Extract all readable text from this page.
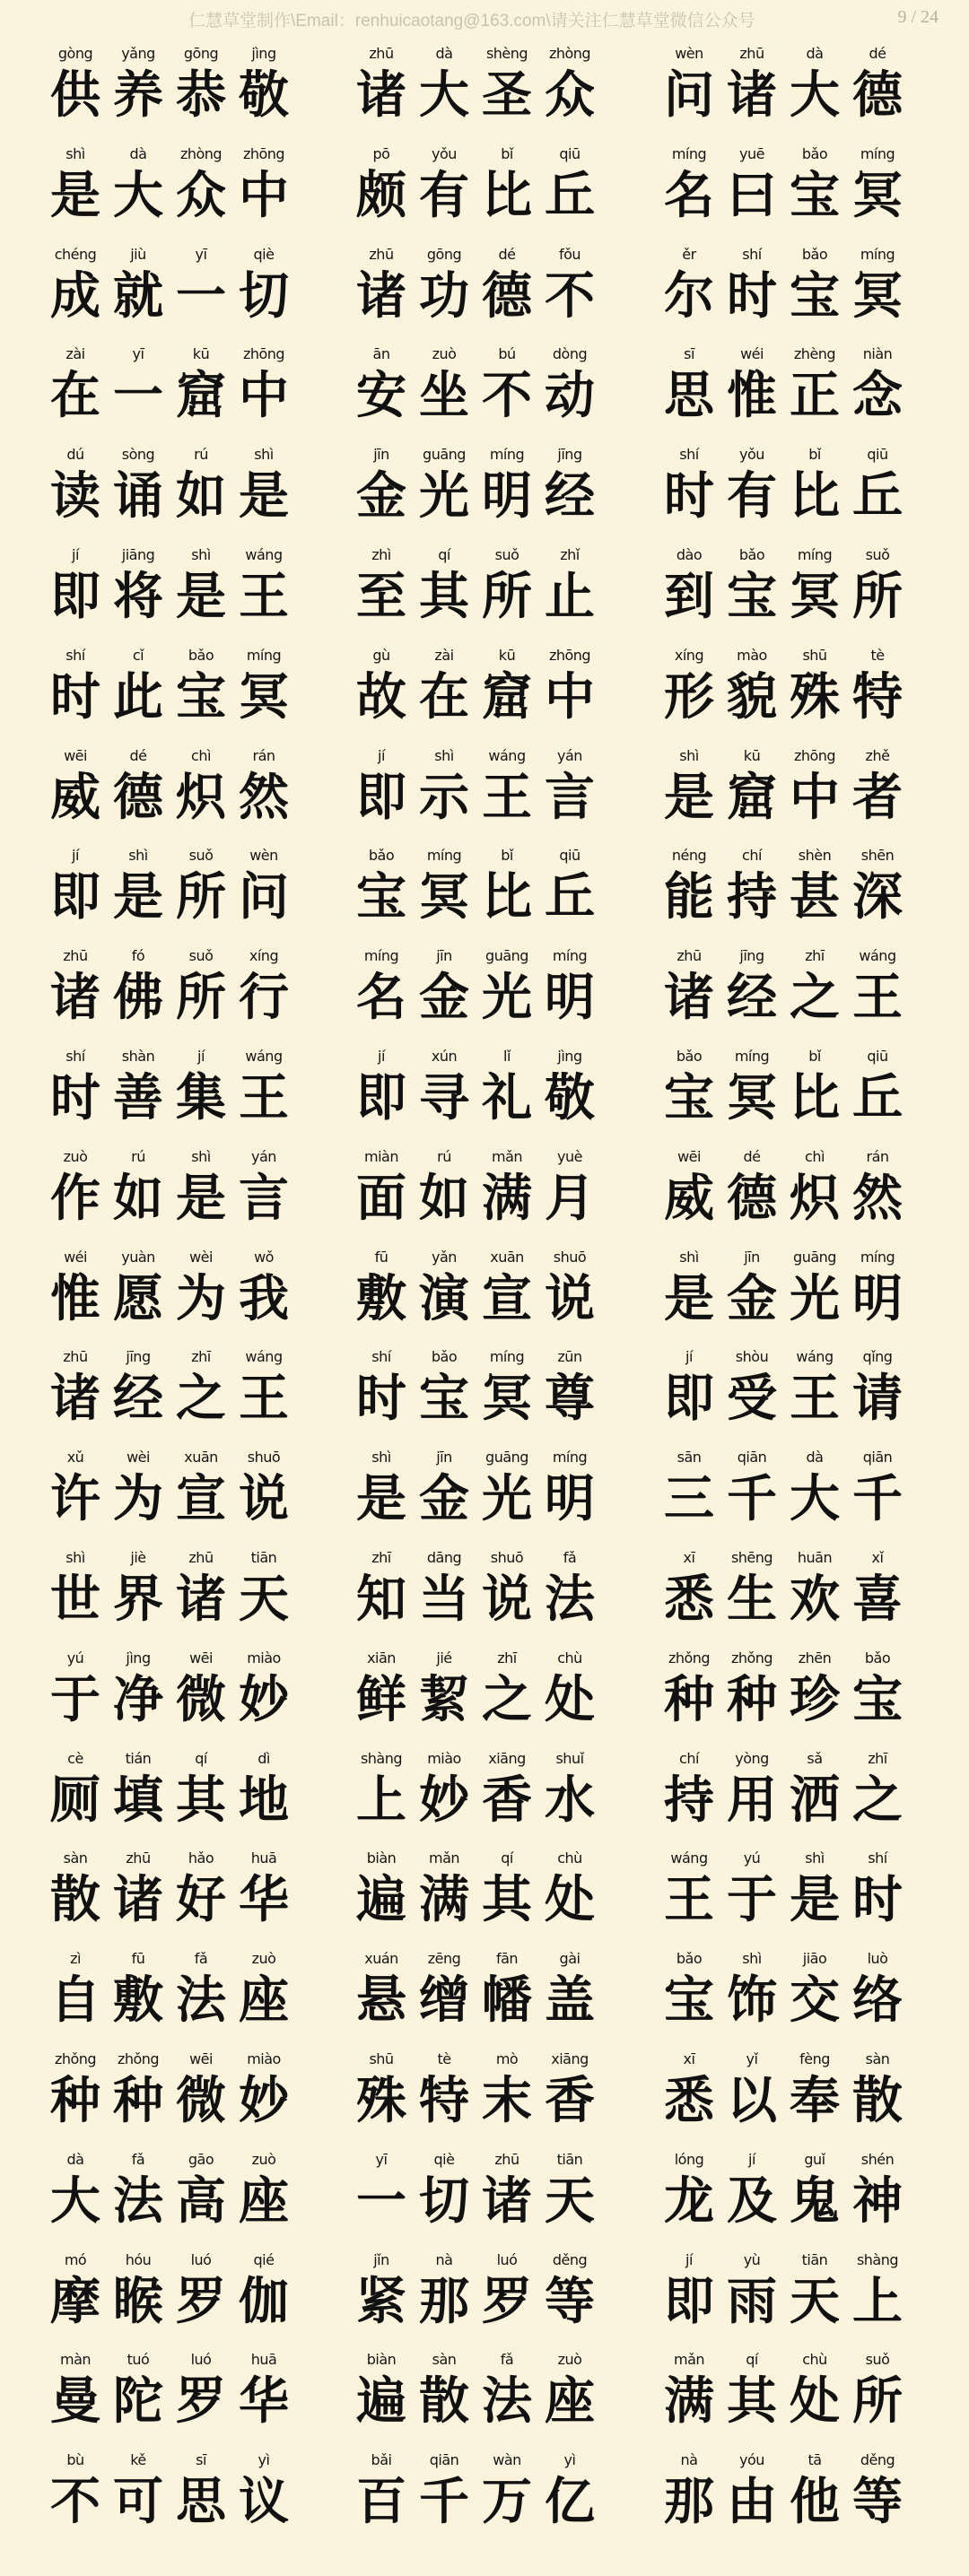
仁慧草堂制作\Email：renhuicaotang@163.com\请关注仁慧草堂微信公众号	9 / 24
gòng
供
yǎng
养
gōng
恭
jìng
敬
zhū
诸
dà
大
shèng
圣
zhòng
众
wèn
问
zhū
诸
dà
大
dé
德
shì
是
dà
大
zhòng
众
zhōng
中
pō
颇
yǒu
有
bǐ
比
qiū
丘
míng
名
yuē
曰
bǎo
宝
míng
冥
chéng
成
jiù
就
yī
一
qiè
切
zhū
诸
gōng
功
dé
德
fǒu
不
ěr
尔
shí
时
bǎo
宝
míng
冥
zài
在
yī
一
kū
窟
zhōng
中
ān
安
zuò
坐
bú
不
dòng
动
sī
思
wéi
惟
zhèng
正
niàn
念
dú
读
sòng
诵
rú
如
shì
是
jīn
金
guāng
光
míng
明
jīng
经
shí
时
yǒu
有
bǐ
比
qiū
丘
jí
即
jiāng
将
shì
是
wáng
王
zhì
至
qí
其
suǒ
所
zhǐ
止
dào
到
bǎo
宝
míng
冥
suǒ
所
shí
时
cǐ
此
bǎo
宝
míng
冥
gù
故
zài
在
kū
窟
zhōng
中
xíng
形
mào
貌
shū
殊
tè
特
wēi
威
dé
德
chì
炽
rán
然
jí
即
shì
示
wáng
王
yán
言
shì
是
kū
窟
zhōng
中
zhě
者
jí
即
shì
是
suǒ
所
wèn
问
bǎo
宝
míng
冥
bǐ
比
qiū
丘
néng
能
chí
持
shèn
甚
shēn
深
zhū
诸
fó
佛
suǒ
所
xíng
行
míng
名
jīn
金
guāng
光
míng
明
zhū
诸
jīng
经
zhī
之
wáng
王
shí
时
shàn
善
jí
集
wáng
王
jí
即
xún
寻
lǐ
礼
jìng
敬
bǎo
宝
míng
冥
bǐ
比
qiū
丘
zuò
作
rú
如
shì
是
yán
言
miàn
面
rú
如
mǎn
满
yuè
月
wēi
威
dé
德
chì
炽
rán
然
wéi
惟
yuàn
愿
wèi
为
wǒ
我
fū
敷
yǎn
演
xuān
宣
shuō
说
shì
是
jīn
金
guāng
光
míng
明
zhū
诸
jīng
经
zhī
之
wáng
王
shí
时
bǎo
宝
míng
冥
zūn
尊
jí
即
shòu
受
wáng
王
qǐng
请
xǔ
许
wèi
为
xuān
宣
shuō
说
shì
是
jīn
金
guāng
光
míng
明
sān
三
qiān
千
dà
大
qiān
千
shì
世
jiè
界
zhū
诸
tiān
天
zhī
知
dāng
当
shuō
说
fǎ
法
xī
悉
shēng
生
huān
欢
xǐ
喜
yú
于
jìng
净
wēi
微
miào
妙
xiān
鲜
jié
絜
zhī
之
chù
处
zhǒng
种
zhǒng
种
zhēn
珍
bǎo
宝
cè
厕
tián
填
qí
其
dì
地
shàng
上
miào
妙
xiāng
香
shuǐ
水
chí
持
yòng
用
sǎ
洒
zhī
之
sàn
散
zhū
诸
hǎo
好
huā
华
biàn
遍
mǎn
满
qí
其
chù
处
wáng
王
yú
于
shì
是
shí
时
zì
自
fū
敷
fǎ
法
zuò
座
xuán
悬
zēng
缯
fān
幡
gài
盖
bǎo
宝
shì
饰
jiāo
交
luò
络
zhǒng
种
zhǒng
种
wēi
微
miào
妙
shū
殊
tè
特
mò
末
xiāng
香
xī
悉
yǐ
以
fèng
奉
sàn
散
dà
大
fǎ
法
gāo
高
zuò
座
yī
一
qiè
切
zhū
诸
tiān
天
lóng
龙
jí
及
guǐ
鬼
shén
神
mó
摩
hóu
睺
luó
罗
qié
伽
jǐn
紧
nà
那
luó
罗
děng
等
jí
即
yù
雨
tiān
天
shàng
上
màn
曼
tuó
陀
luó
罗
huā
华
biàn
遍
sàn
散
fǎ
法
zuò
座
mǎn
满
qí
其
chù
处
suǒ
所
bù
不
kě
可
sī
思
yì
议
bǎi
百
qiān
千
wàn
万
yì
亿
nà
那
yóu
由
tā
他
děng
等
